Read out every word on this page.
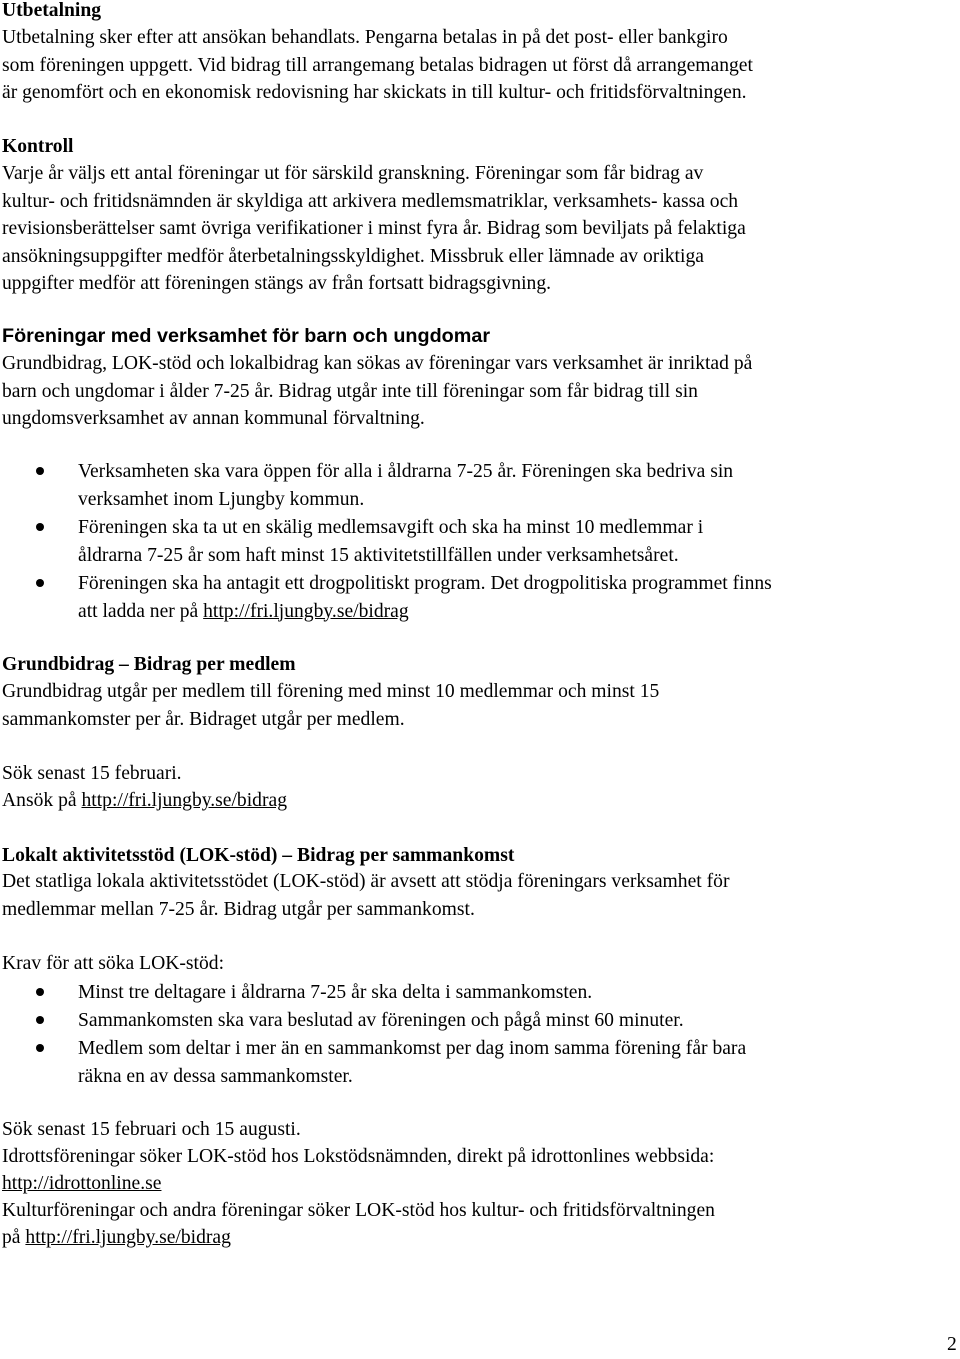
Utbetalning

Utbetalning sker efter att ansökan behandlats. Pengarna betalas in på det post- eller bankgiro
som föreningen uppgett. Vid bidrag till arrangemang betalas bidragen ut först då arrangemanget
är genomfört och en ekonomisk redovisning har skickats in till kultur- och fritidsförvaltningen.

Kontroll

Varje år väljs ett antal föreningar ut för särskild granskning. Föreningar som får bidrag av
kultur- och fritidsnämnden är skyldiga att arkivera medlemsmatriklar, verksamhets- kassa och
revisionsberättelser samt övriga verifikationer i minst fyra år. Bidrag som beviljats på felaktiga
ansökningsuppgifter medför återbetalningsskyldighet. Missbruk eller lämnade av oriktiga
uppgifter medför att föreningen stängs av från fortsatt bidragsgivning.

Föreningar med verksamhet för barn och ungdomar

Grundbidrag, LOK-stöd och lokalbidrag kan sökas av föreningar vars verksamhet är inriktad på
barn och ungdomar i ålder 7-25 år. Bidrag utgår inte till föreningar som får bidrag till sin
ungdomsverksamhet av annan kommunal förvaltning.

Verksamheten ska vara öppen för alla i åldrarna 7-25 år. Föreningen ska bedriva sin
verksamhet inom Ljungby kommun.

Föreningen ska ta ut en skälig medlemsavgift och ska ha minst 10 medlemmar i
åldrarna 7-25 år som haft minst 15 aktivitetstillfällen under verksamhetsåret.

Föreningen ska ha antagit ett drogpolitiskt program. Det drogpolitiska programmet finns
att ladda ner på http://fri.ljungby.se/bidrag

Grundbidrag – Bidrag per medlem

Grundbidrag utgår per medlem till förening med minst 10 medlemmar och minst 15
sammankomster per år. Bidraget utgår per medlem.

Sök senast 15 februari.

Ansök på http://fri.ljungby.se/bidrag

Lokalt aktivitetsstöd (LOK-stöd) – Bidrag per sammankomst

Det statliga lokala aktivitetsstödet (LOK-stöd) är avsett att stödja föreningars verksamhet för
medlemmar mellan 7-25 år. Bidrag utgår per sammankomst.

Krav för att söka LOK-stöd:

Minst tre deltagare i åldrarna 7-25 år ska delta i sammankomsten.

Sammankomsten ska vara beslutad av föreningen och pågå minst 60 minuter.

Medlem som deltar i mer än en sammankomst per dag inom samma förening får bara
räkna en av dessa sammankomster.

Sök senast 15 februari och 15 augusti.

Idrottsföreningar söker LOK-stöd hos Lokstödsnämnden, direkt på idrottonlines webbsida:

http://idrottonline.se

Kulturföreningar och andra föreningar söker LOK-stöd hos kultur- och fritidsförvaltningen

på http://fri.ljungby.se/bidrag

2
